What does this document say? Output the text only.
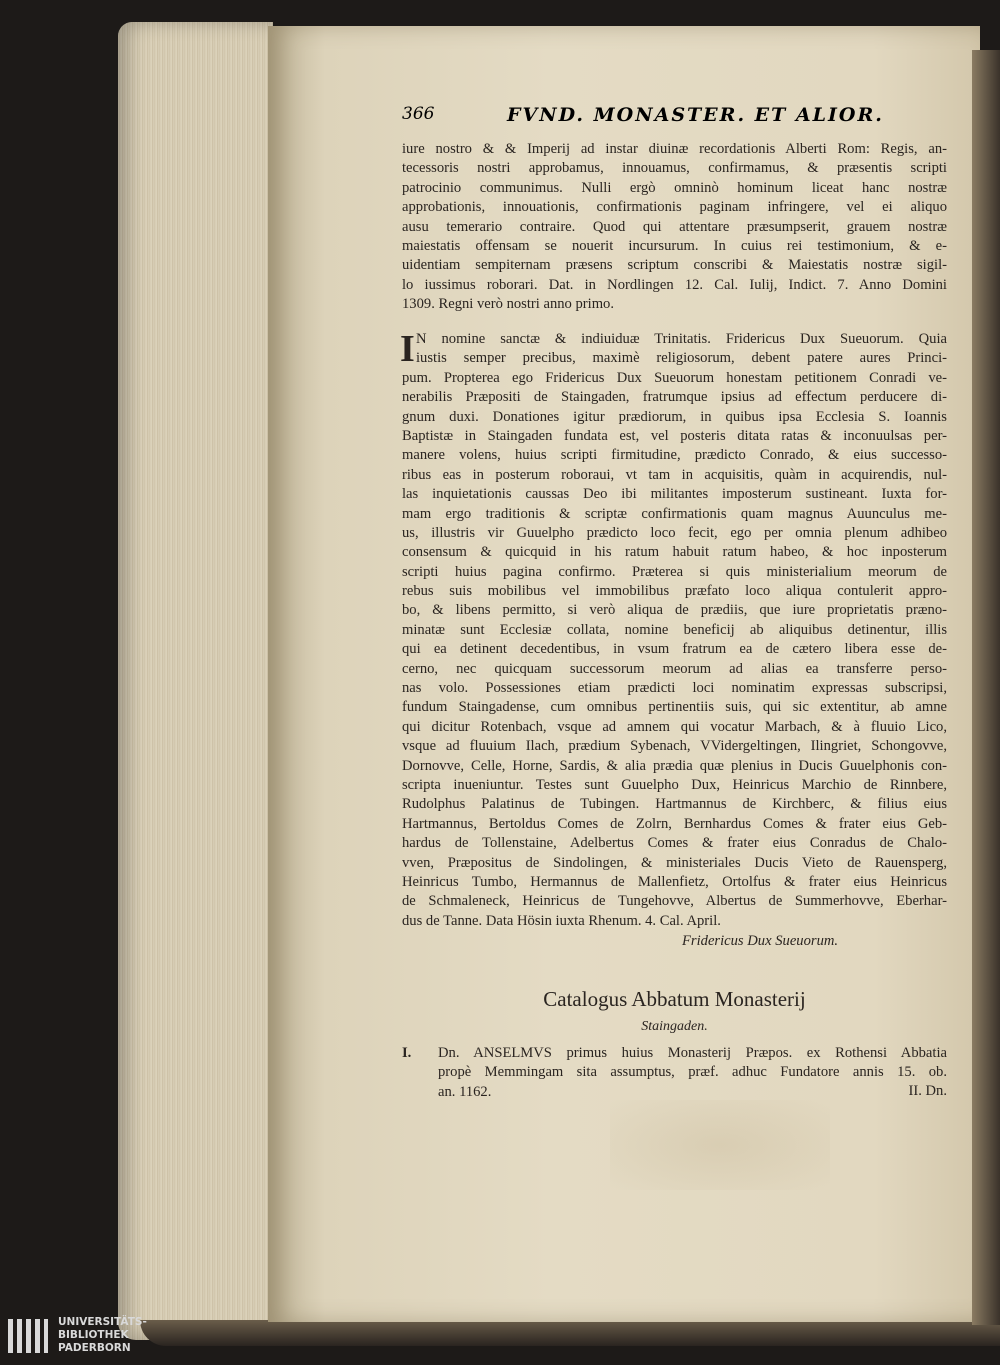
366	FVND. MONASTER. ET ALIOR.
iure nostro & & Imperij ad instar diuinæ recordationis Alberti Rom: Regis, an-
tecessoris nostri approbamus, innouamus, confirmamus, & præsentis scripti
patrocinio communimus. Nulli ergò omninò hominum liceat hanc nostræ
approbationis, innouationis, confirmationis paginam infringere, vel ei aliquo
ausu temerario contraire. Quod qui attentare præsumpserit, grauem nostræ
maiestatis offensam se nouerit incursurum. In cuius rei testimonium, & e-
uidentiam sempiternam præsens scriptum conscribi & Maiestatis nostræ sigil-
lo iussimus roborari. Dat. in Nordlingen 12. Cal. Iulij, Indict. 7. Anno Domini
1309. Regni verò nostri anno primo.
I N nomine sanctæ & indiuiduæ Trinitatis. Fridericus Dux Sueuorum. Quia
iustis semper precibus, maximè religiosorum, debent patere aures Princi-
pum. Propterea ego Fridericus Dux Sueuorum honestam petitionem Conradi ve-
nerabilis Præpositi de Staingaden, fratrumque ipsius ad effectum perducere di-
gnum duxi. Donationes igitur prædiorum, in quibus ipsa Ecclesia S. Ioannis
Baptistæ in Staingaden fundata est, vel posteris ditata ratas & inconuulsas per-
manere volens, huius scripti firmitudine, prædicto Conrado, & eius successo-
ribus eas in posterum roboraui, vt tam in acquisitis, quàm in acquirendis, nul-
las inquietationis caussas Deo ibi militantes imposterum sustineant. Iuxta for-
mam ergo traditionis & scriptæ confirmationis quam magnus Auunculus me-
us, illustris vir Guuelpho prædicto loco fecit, ego per omnia plenum adhibeo
consensum & quicquid in his ratum habuit ratum habeo, & hoc inposterum
scripti huius pagina confirmo. Præterea si quis ministerialium meorum de
rebus suis mobilibus vel immobilibus præfato loco aliqua contulerit appro-
bo, & libens permitto, si verò aliqua de prædiis, que iure proprietatis præno-
minatæ sunt Ecclesiæ collata, nomine beneficij ab aliquibus detinentur, illis
qui ea detinent decedentibus, in vsum fratrum ea de cætero libera esse de-
cerno, nec quicquam successorum meorum ad alias ea transferre perso-
nas volo. Possessiones etiam prædicti loci nominatim expressas subscripsi,
fundum Staingadense, cum omnibus pertinentiis suis, qui sic extentitur, ab amne
qui dicitur Rotenbach, vsque ad amnem qui vocatur Marbach, & à fluuio Lico,
vsque ad fluuium Ilach, prædium Sybenach, VVidergeltingen, Ilingriet, Schongovve,
Dornovve, Celle, Horne, Sardis, & alia prædia quæ plenius in Ducis Guuelphonis con-
scripta inueniuntur. Testes sunt Guuelpho Dux, Heinricus Marchio de Rinnbere,
Rudolphus Palatinus de Tubingen. Hartmannus de Kirchberc, & filius eius
Hartmannus, Bertoldus Comes de Zolrn, Bernhardus Comes & frater eius Geb-
hardus de Tollenstaine, Adelbertus Comes & frater eius Conradus de Chalo-
vven, Præpositus de Sindolingen, & ministeriales Ducis Vieto de Rauensperg,
Heinricus Tumbo, Hermannus de Mallenfietz, Ortolfus & frater eius Heinricus
de Schmaleneck, Heinricus de Tungehovve, Albertus de Summerhovve, Eberhar-
dus de Tanne. Data Hösin iuxta Rhenum. 4. Cal. April.
Fridericus Dux Sueuorum.
Catalogus Abbatum Monasterij
Staingaden.
I. Dn. ANSELMVS primus huius Monasterij Præpos. ex Rothensi Abbatia
propè Memmingam sita assumptus, præf. adhuc Fundatore annis 15. ob.
an. 1162.	II. Dn.
UNIVERSITÄTS-
BIBLIOTHEK
PADERBORN
